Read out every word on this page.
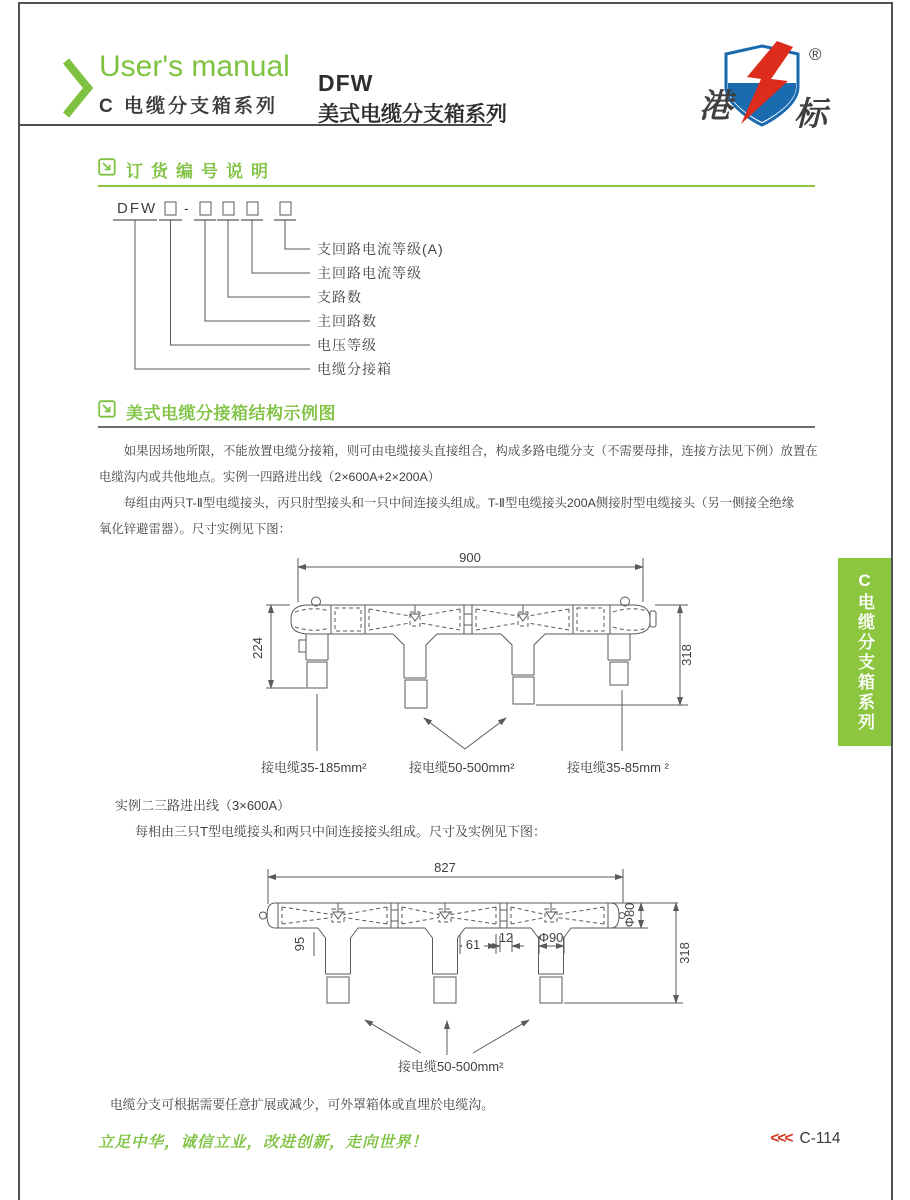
User's manual
C 电缆分支箱系列
DFW
美式电缆分支箱系列	港 标
®
订货编号说明
DFW -
支回路电流等级(A)
主回路电流等级
支路数
主回路数
电压等级
电缆分接箱
美式电缆分接箱结构示例图
如果因场地所限，不能放置电缆分接箱，则可由电缆接头直接组合，构成多路电缆分支（不需要母排，连接方法见下例）放置在
电缆沟内或共他地点。实例一四路进出线（2×600A+2×200A）
每组由两只T-Ⅱ型电缆接头，丙只肘型接头和一只中间连接头组成。T-Ⅱ型电缆接头200A侧接肘型电缆接头（另一侧接全绝缘
氧化锌避雷器）。尺寸实例见下图：
900
224	318
接电缆35-185mm²	接电缆50-500mm²	接电缆35-85mm ²
实例二三路进出线（3×600A）
每相由三只T型电缆接头和两只中间连接接头组成。尺寸及实例见下图：
827
95	61 12 Φ90
Φ80
318
接电缆50-500mm²
电缆分支可根据需要任意扩展或减少，可外罩箱体或直埋於电缆沟。
立足中华，诚信立业，改进创新，走向世界！	<<< C-114
C电缆分支箱系列
